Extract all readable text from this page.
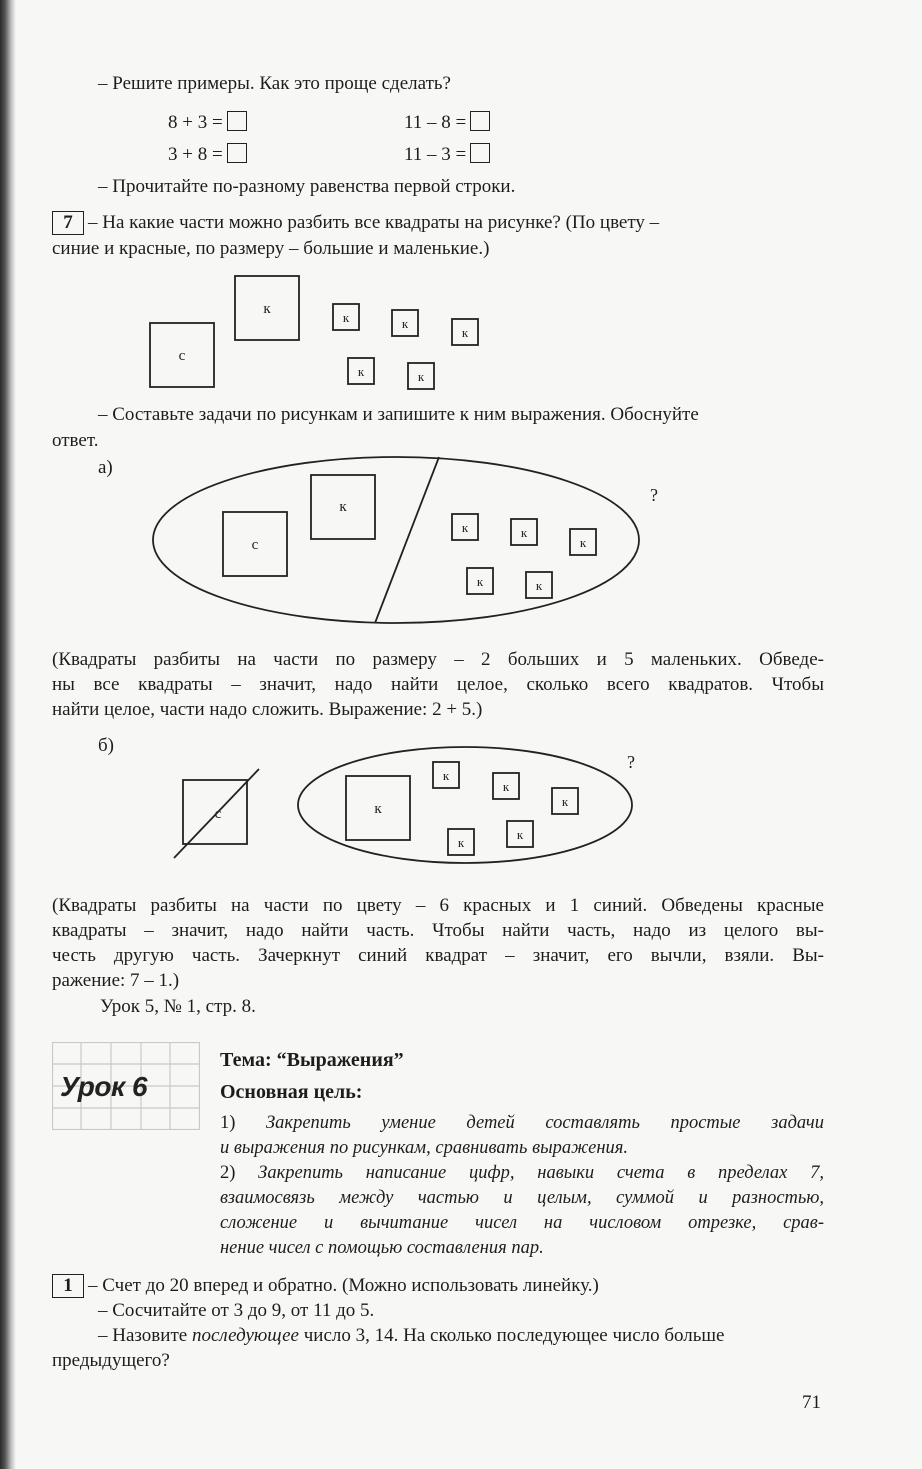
– Решите примеры. Как это проще сделать?
8 + 3 =	11 – 8 =
3 + 8 =	11 – 3 =
– Прочитайте по-разному равенства первой строки.
7 – На какие части можно разбить все квадраты на рисунке? (По цвету –
синие и красные, по размеру – большие и маленькие.)
с
к
к	к
к
к	к
– Составьте задачи по рисункам и запишите к ним выражения. Обоснуйте
ответ.
а)
с
к
к	к
к
к	к
?
(Квадраты разбиты на части по размеру – 2 больших и 5 маленьких. Обведе-
ны все квадраты – значит, надо найти целое, сколько всего квадратов. Чтобы
найти целое, части надо сложить. Выражение: 2 + 5.)
б)
с	к
к
к
к
к
к
?
(Квадраты разбиты на части по цвету – 6 красных и 1 синий. Обведены красные
квадраты – значит, надо найти часть. Чтобы найти часть, надо из целого вы-
честь другую часть. Зачеркнут синий квадрат – значит, его вычли, взяли. Вы-
ражение: 7 – 1.)
Урок 5, № 1, стр. 8.
Урок 6
Тема: “Выражения”
Основная цель:
1) Закрепить умение детей составлять простые задачи
и выражения по рисункам, сравнивать выражения.
2) Закрепить написание цифр, навыки счета в пределах 7,
взаимосвязь между частью и целым, суммой и разностью,
сложение и вычитание чисел на числовом отрезке, срав-
нение чисел с помощью составления пар.
1 – Счет до 20 вперед и обратно. (Можно использовать линейку.)
– Сосчитайте от 3 до 9, от 11 до 5.
– Назовите последующее число 3, 14. На сколько последующее число больше
предыдущего?
71
